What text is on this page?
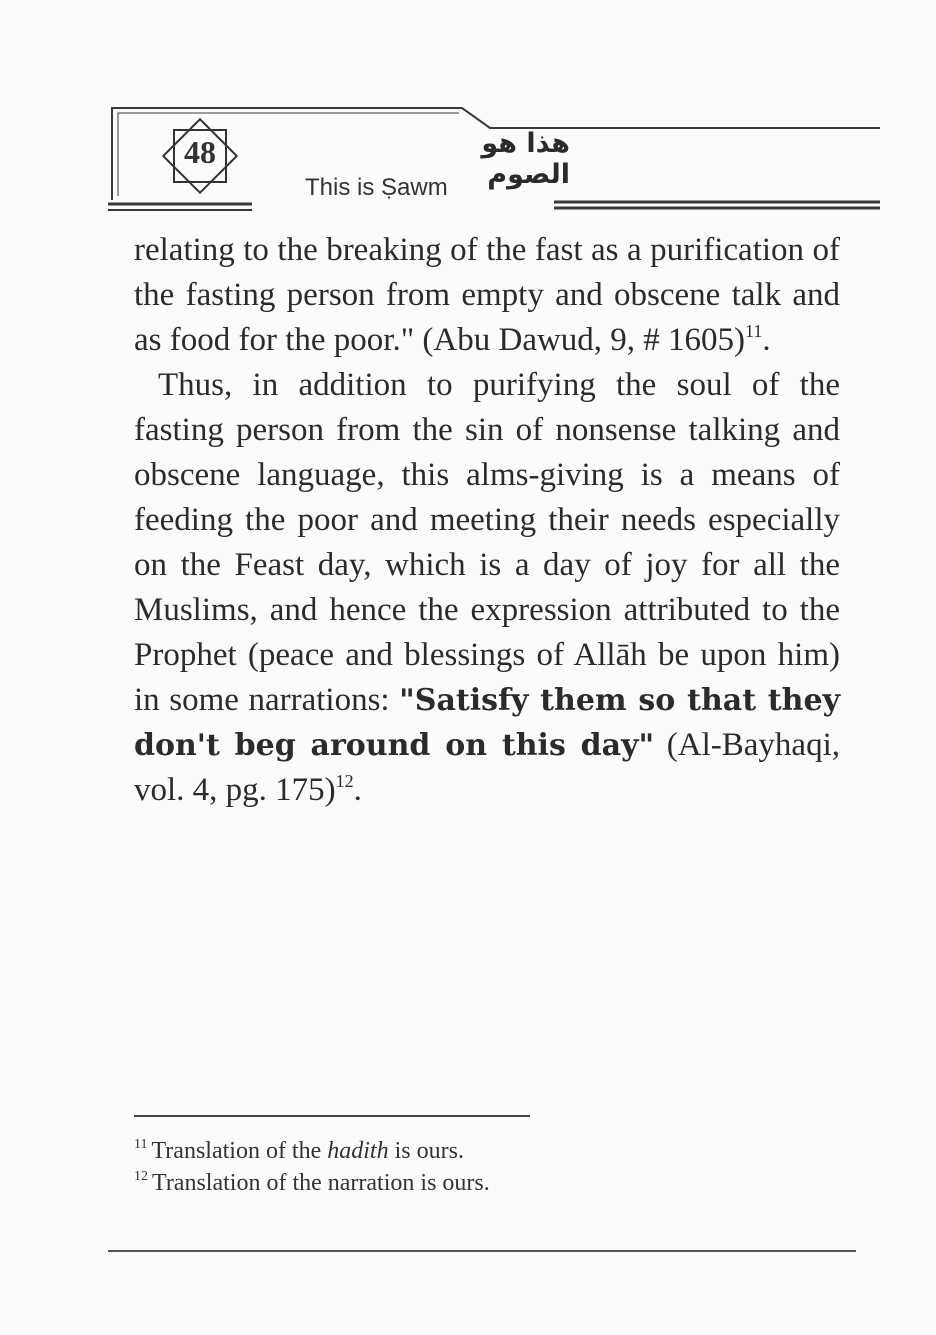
48	هذا هو الصوم
This is Ṣawm

relating to the breaking of the fast as a purification of the fasting person from empty and obscene talk and as food for the poor." (Abu Dawud, 9, # 1605)$^{11}$.

Thus, in addition to purifying the soul of the fasting person from the sin of nonsense talking and obscene language, this alms-giving is a means of feeding the poor and meeting their needs especially on the Feast day, which is a day of joy for all the Muslims, and hence the expression attributed to the Prophet (peace and blessings of Allāh be upon him) in some narrations: "Satisfy them so that they don't beg around on this day" (Al-Bayhaqi, vol. 4, pg. 175)$^{12}$.

$^{11}$ Translation of the hadith is ours.
$^{12}$ Translation of the narration is ours.
